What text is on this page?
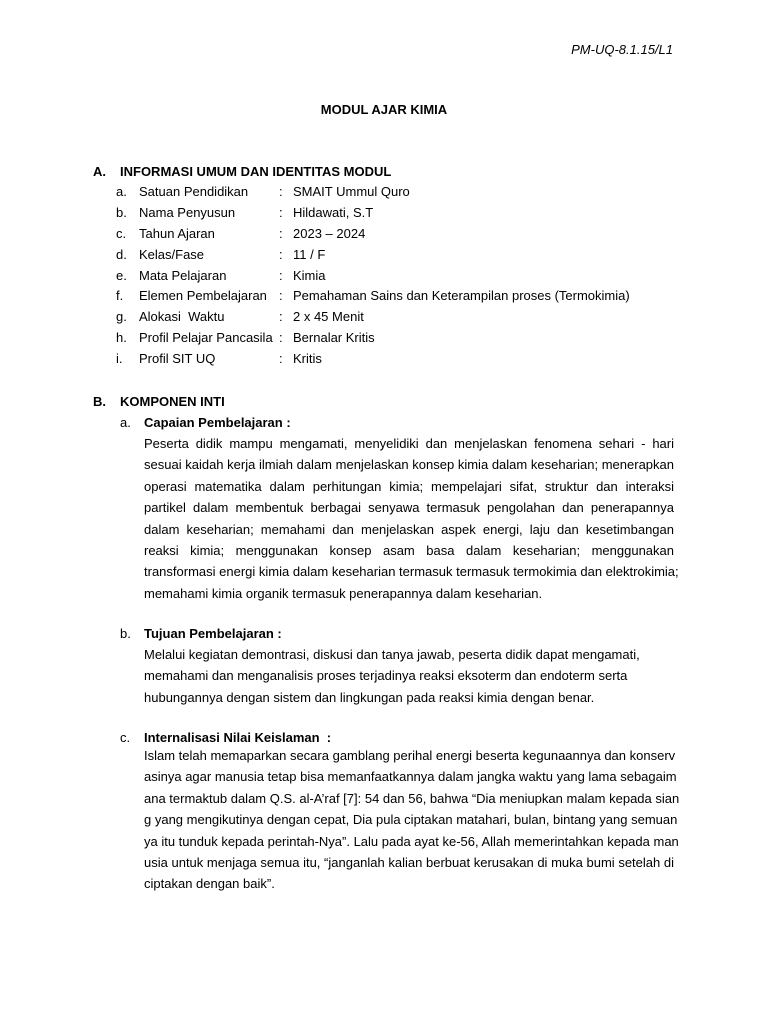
PM-UQ-8.1.15/L1
MODUL AJAR KIMIA
A. INFORMASI UMUM DAN IDENTITAS MODUL
a. Satuan Pendidikan : SMAIT Ummul Quro
b. Nama Penyusun	: Hildawati, S.T
c. Tahun Ajaran	: 2023 – 2024
d. Kelas/Fase	: 11 / F
e. Mata Pelajaran	: Kimia
f. Elemen Pembelajaran : Pemahaman Sains dan Keterampilan proses (Termokimia)
g. Alokasi  Waktu	: 2 x 45 Menit
h. Profil Pelajar Pancasila : Bernalar Kritis
i. Profil SIT UQ	: Kritis
B. KOMPONEN INTI
a. Capaian Pembelajaran :
Peserta didik mampu mengamati, menyelidiki dan menjelaskan fenomena sehari - hari
sesuai kaidah kerja ilmiah dalam menjelaskan konsep kimia dalam keseharian; menerapkan
operasi matematika dalam perhitungan kimia; mempelajari sifat, struktur dan interaksi
partikel dalam membentuk berbagai senyawa termasuk pengolahan dan penerapannya
dalam keseharian; memahami dan menjelaskan aspek energi, laju dan kesetimbangan
reaksi kimia; menggunakan konsep asam basa dalam keseharian; menggunakan
transformasi energi kimia dalam keseharian termasuk termasuk termokimia dan elektrokimia;
memahami kimia organik termasuk penerapannya dalam keseharian.
b. Tujuan Pembelajaran :
Melalui kegiatan demontrasi, diskusi dan tanya jawab, peserta didik dapat mengamati,
memahami dan menganalisis proses terjadinya reaksi eksoterm dan endoterm serta
hubungannya dengan sistem dan lingkungan pada reaksi kimia dengan benar.
c. Internalisasi Nilai Keislaman  :
Islam telah memaparkan secara gamblang perihal energi beserta kegunaannya dan konserv
asinya agar manusia tetap bisa memanfaatkannya dalam jangka waktu yang lama sebagaim
ana termaktub dalam Q.S. al-A’raf [7]: 54 dan 56, bahwa “Dia meniupkan malam kepada sian
g yang mengikutinya dengan cepat, Dia pula ciptakan matahari, bulan, bintang yang semuan
ya itu tunduk kepada perintah-Nya”. Lalu pada ayat ke-56, Allah memerintahkan kepada man
usia untuk menjaga semua itu, “janganlah kalian berbuat kerusakan di muka bumi setelah di
ciptakan dengan baik”.
